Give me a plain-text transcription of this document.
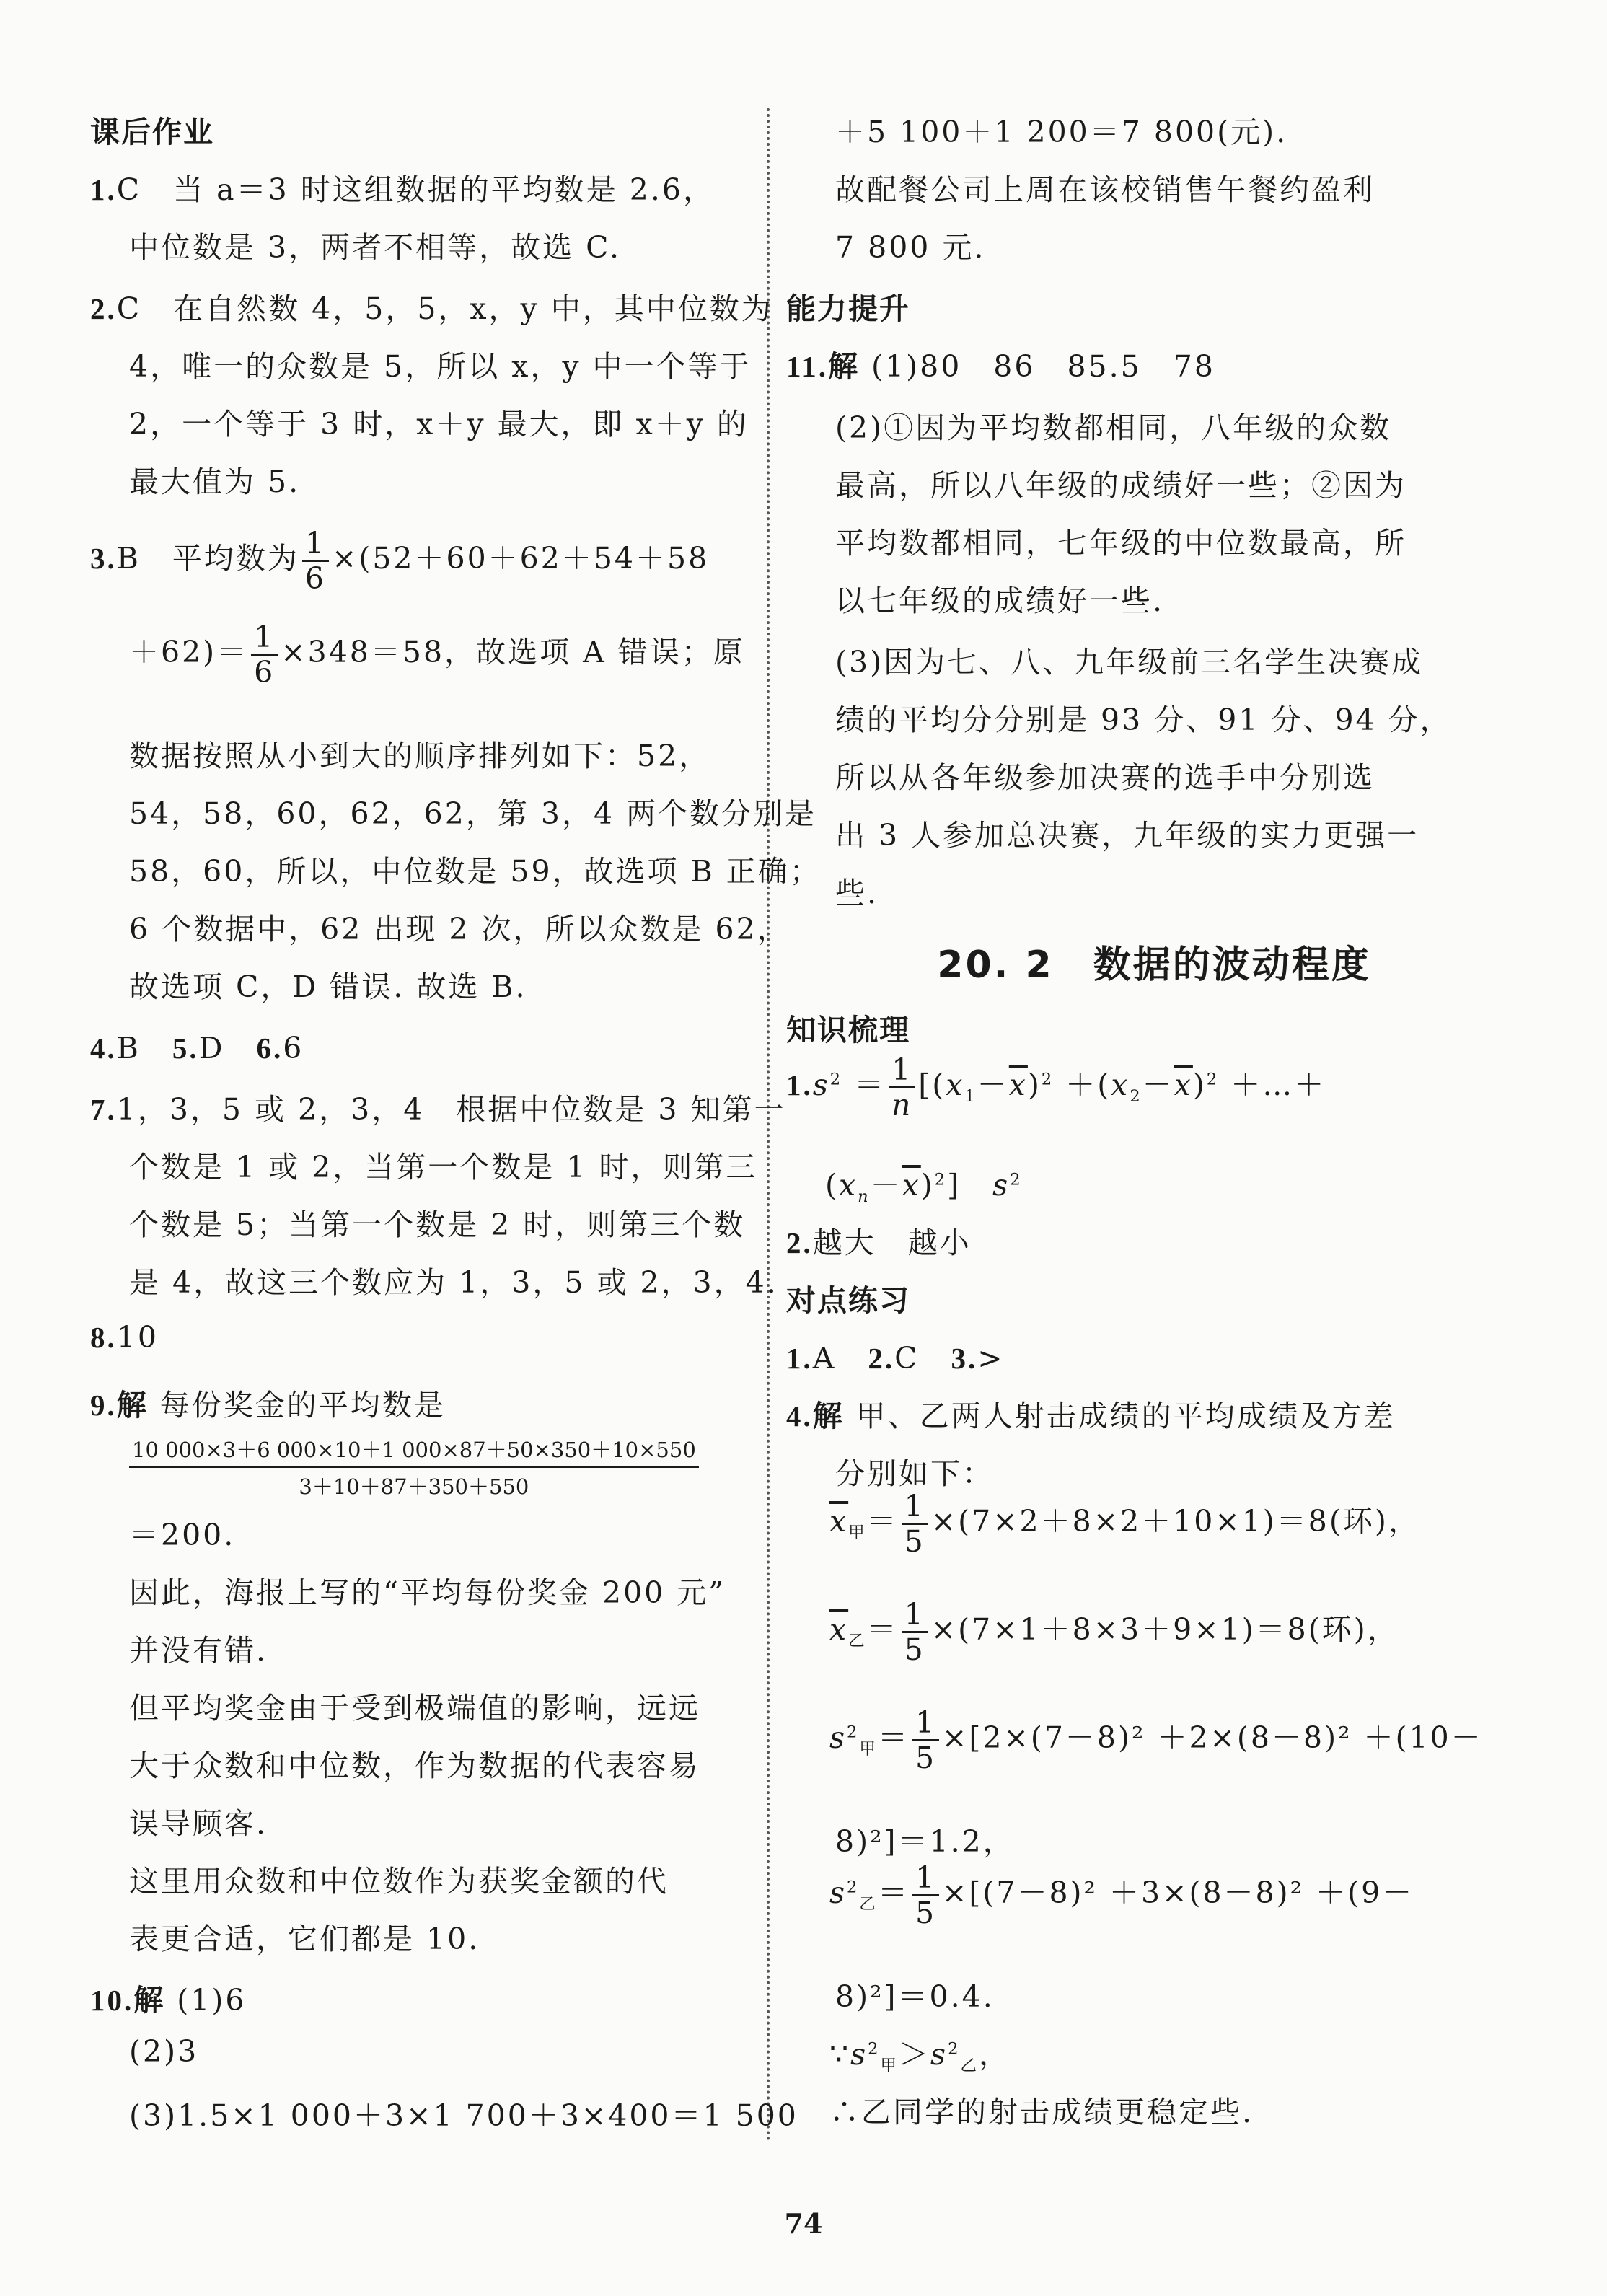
课后作业
1.C　当 a＝3 时这组数据的平均数是 2.6，
中位数是 3，两者不相等，故选 C.
2.C　在自然数 4，5，5，x，y 中，其中位数为
4，唯一的众数是 5，所以 x，y 中一个等于
2，一个等于 3 时，x＋y 最大，即 x＋y 的
最大值为 5.
3.B　平均数为 $\frac{1}{6} \times(52+60+62+54+58$
$+62)= \frac{1}{6} \times 348=58$，故选项 A 错误；原
数据按照从小到大的顺序排列如下：52，
54，58，60，62，62，第 3，4 两个数分别是
58，60，所以，中位数是 59，故选项 B 正确；
6 个数据中，62 出现 2 次，所以众数是 62，
故选项 C，D 错误. 故选 B.
4.B　 5.D　 6.6
7.1，3，5 或 2，3，4　根据中位数是 3 知第一
个数是 1 或 2，当第一个数是 1 时，则第三
个数是 5；当第一个数是 2 时，则第三个数
是 4，故这三个数应为 1，3，5 或 2，3，4.
8.10
9.解 每份奖金的平均数是
$\frac{10 000\times 3+6 000\times 10+1 000\times 87+50\times 350+10\times 550}{3+10+87+350+550}$
＝200.
因此，海报上写的“平均每份奖金 200 元”
并没有错.
但平均奖金由于受到极端值的影响，远远
大于众数和中位数，作为数据的代表容易
误导顾客.
这里用众数和中位数作为获奖金额的代
表更合适，它们都是 10.
10.解 (1)6
(2)3
(3)1.5×1 000＋3×1 700＋3×400＝1 500
＋5 100＋1 200＝7 800(元).
故配餐公司上周在该校销售午餐约盈利
7 800 元.
能力提升
11.解 (1)80　86　85.5　78
(2)①因为平均数都相同，八年级的众数
最高，所以八年级的成绩好一些；②因为
平均数都相同，七年级的中位数最高，所
以七年级的成绩好一些.
(3)因为七、八、九年级前三名学生决赛成
绩的平均分分别是 93 分、91 分、94 分，
所以从各年级参加决赛的选手中分别选
出 3 人参加总决赛，九年级的实力更强一
些.
20. 2　数据的波动程度
知识梳理
$1.s^2 = \frac{1}{n} [(x_1-\overline{x})^2 +(x_2-\overline{x})^2$ ＋…＋
$(x_n-\overline{x})^2$]　$s^2$
2.越大　越小
对点练习
1.A　 2.C　 3.>
4.解 甲、乙两人射击成绩的平均成绩及方差
分别如下：
$\overline{x}_甲= \frac{1}{5} \times(7\times 2+8\times 2+10\times 1)=8$(环)，
$\overline{x}_乙= \frac{1}{5} \times(7\times 1+8\times 3+9\times 1)=8$(环)，
$s^2_甲= \frac{1}{5} \times[2\times(7-8)^2 +2\times(8-8)^2 +(10-$
8)²]＝1.2，
$s^2_乙= \frac{1}{5} \times[(7-8)^2 +3\times(8-8)^2 +(9-$
8)²]＝0.4.
$\because s^2_甲>s^2_乙$，
∴乙同学的射击成绩更稳定些.
74
